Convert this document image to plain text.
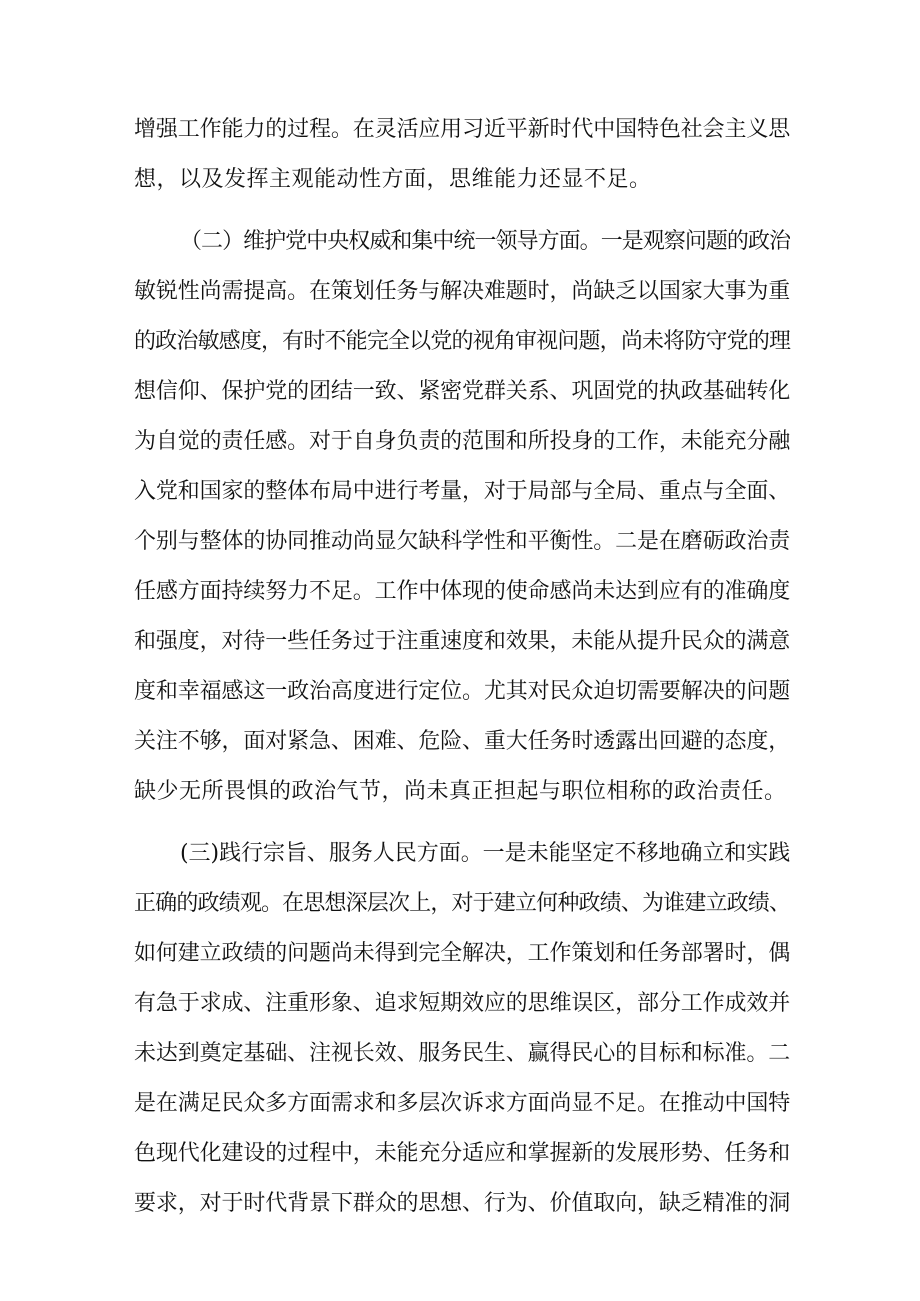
增强工作能力的过程。在灵活应用习近平新时代中国特色社会主义思
想，以及发挥主观能动性方面，思维能力还显不足。
（二）维护党中央权威和集中统一领导方面。一是观察问题的政治
敏锐性尚需提高。在策划任务与解决难题时，尚缺乏以国家大事为重
的政治敏感度，有时不能完全以党的视角审视问题，尚未将防守党的理
想信仰、保护党的团结一致、紧密党群关系、巩固党的执政基础转化
为自觉的责任感。对于自身负责的范围和所投身的工作，未能充分融
入党和国家的整体布局中进行考量，对于局部与全局、重点与全面、
个别与整体的协同推动尚显欠缺科学性和平衡性。二是在磨砺政治责
任感方面持续努力不足。工作中体现的使命感尚未达到应有的准确度
和强度，对待一些任务过于注重速度和效果，未能从提升民众的满意
度和幸福感这一政治高度进行定位。尤其对民众迫切需要解决的问题
关注不够，面对紧急、困难、危险、重大任务时透露出回避的态度，
缺少无所畏惧的政治气节，尚未真正担起与职位相称的政治责任。
(三)践行宗旨、服务人民方面。一是未能坚定不移地确立和实践
正确的政绩观。在思想深层次上，对于建立何种政绩、为谁建立政绩、
如何建立政绩的问题尚未得到完全解决，工作策划和任务部署时，偶
有急于求成、注重形象、追求短期效应的思维误区，部分工作成效并
未达到奠定基础、注视长效、服务民生、赢得民心的目标和标准。二
是在满足民众多方面需求和多层次诉求方面尚显不足。在推动中国特
色现代化建设的过程中，未能充分适应和掌握新的发展形势、任务和
要求，对于时代背景下群众的思想、行为、价值取向，缺乏精准的洞
